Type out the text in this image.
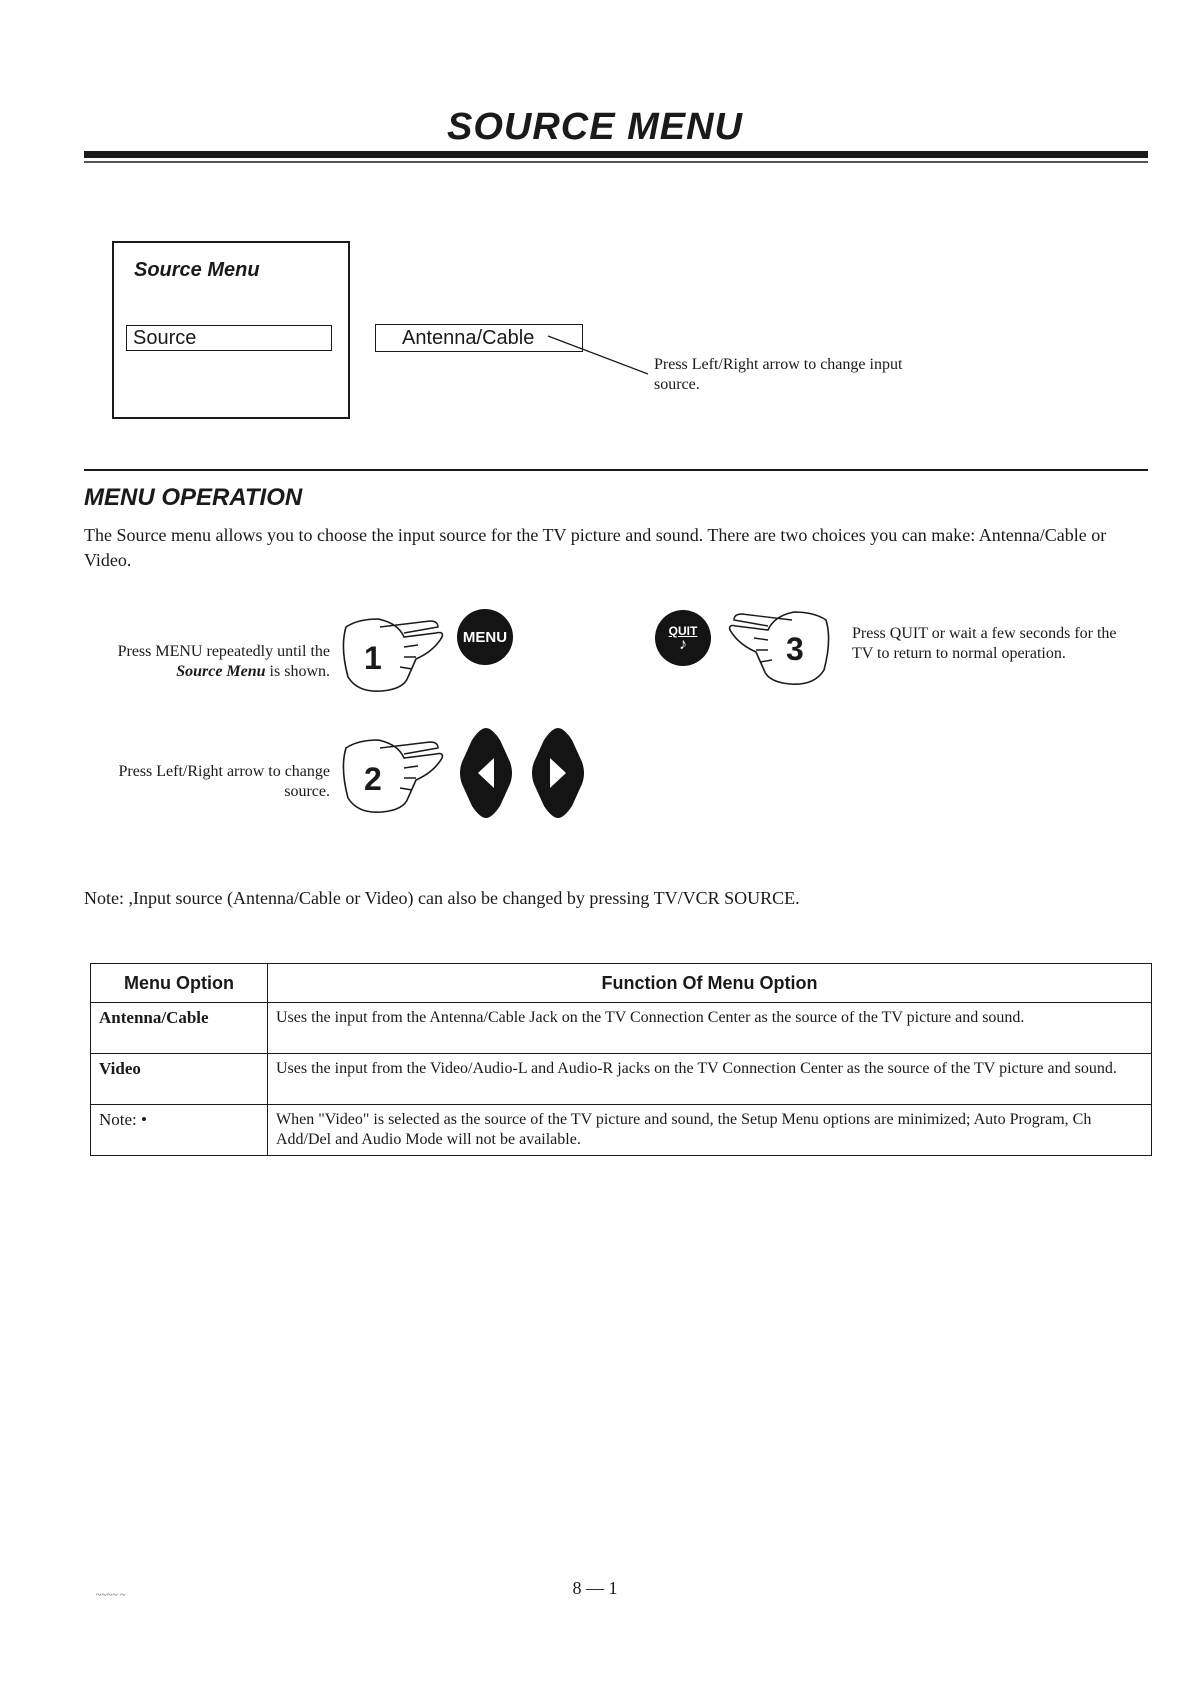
SOURCE MENU
Source Menu
Source	Antenna/Cable
Press Left/Right arrow to change input source.
MENU OPERATION
The Source menu allows you to choose the input source for the TV picture and sound. There are two choices you can make: Antenna/Cable or Video.
Press MENU repeatedly until the Source Menu is shown. 1
MENU	QUIT
♪	3	Press QUIT or wait a few seconds for the TV to return to normal operation.
Press Left/Right arrow to change source. 2
Note: ,Input source (Antenna/Cable or Video) can also be changed by pressing TV/VCR SOURCE.
Menu Option	Function Of Menu Option
Antenna/Cable	Uses the input from the Antenna/Cable Jack on the TV Connection Center as the source of the TV picture and sound.
Video	Uses the input from the Video/Audio-L and Audio-R jacks on the TV Connection Center as the source of the TV picture and sound.
Note: •	When "Video" is selected as the source of the TV picture and sound, the Setup Menu options are minimized; Auto Program, Ch Add/Del and Audio Mode will not be available.
~~~~ ~	8 — 1
